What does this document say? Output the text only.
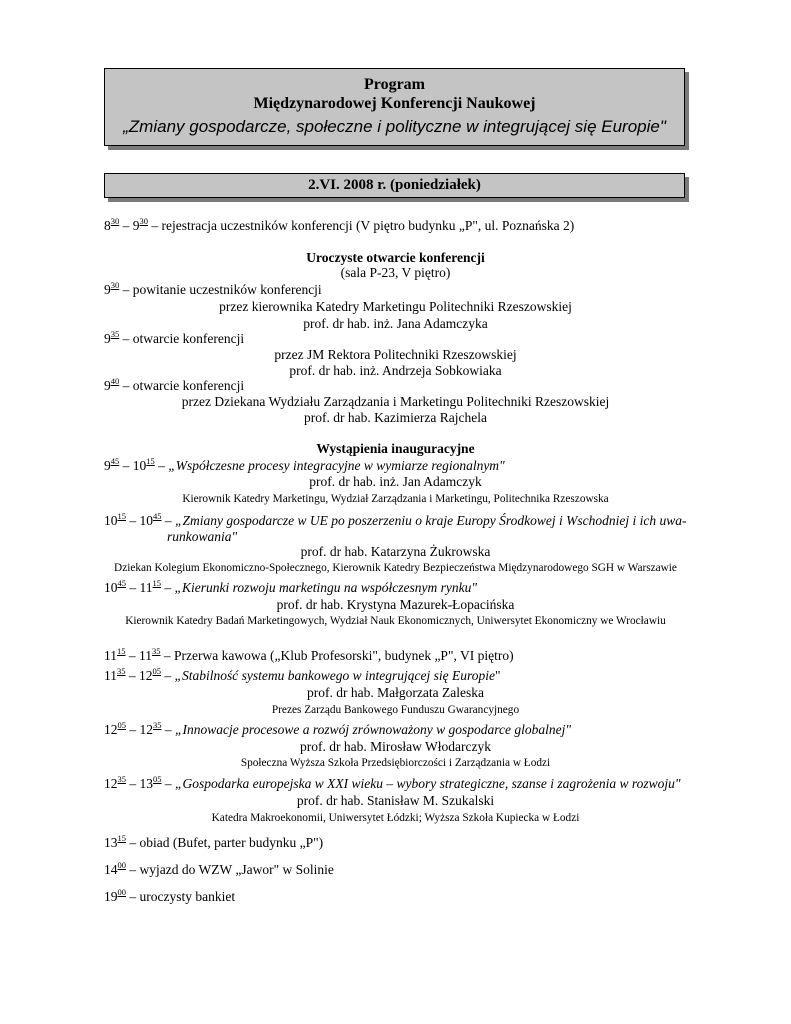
Program
Międzynarodowej Konferencji Naukowej
„Zmiany gospodarcze, społeczne i polityczne w integrującej się Europie"
2.VI. 2008 r. (poniedziałek)
$8^{30} - 9^{30}$ – rejestracja uczestników konferencji (V piętro budynku „P", ul. Poznańska 2)
Uroczyste otwarcie konferencji
(sala P-23, V piętro)
$9^{30}$ – powitanie uczestników konferencji
przez kierownika Katedry Marketingu Politechniki Rzeszowskiej
prof. dr hab. inż. Jana Adamczyka
$9^{35}$ – otwarcie konferencji
przez JM Rektora Politechniki Rzeszowskiej
prof. dr hab. inż. Andrzeja Sobkowiaka
$9^{40}$ – otwarcie konferencji
przez Dziekana Wydziału Zarządzania i Marketingu Politechniki Rzeszowskiej
prof. dr hab. Kazimierza Rajchela
Wystąpienia inauguracyjne
$9^{45} - 10^{15}$ – „Współczesne procesy integracyjne w wymiarze regionalnym"
prof. dr hab. inż. Jan Adamczyk
Kierownik Katedry Marketingu, Wydział Zarządzania i Marketingu, Politechnika Rzeszowska
$10^{15} - 10^{45}$ – „Zmiany gospodarcze w UE po poszerzeniu o kraje Europy Środkowej i Wschodniej i ich uwa-
runkowania"
prof. dr hab. Katarzyna Żukrowska
Dziekan Kolegium Ekonomiczno-Społecznego, Kierownik Katedry Bezpieczeństwa Międzynarodowego SGH w Warszawie
$10^{45} - 11^{15}$ – „Kierunki rozwoju marketingu na współczesnym rynku"
prof. dr hab. Krystyna Mazurek-Łopacińska
Kierownik Katedry Badań Marketingowych, Wydział Nauk Ekonomicznych, Uniwersytet Ekonomiczny we Wrocławiu
$11^{15} - 11^{35}$ – Przerwa kawowa („Klub Profesorski", budynek „P", VI piętro)
$11^{35} - 12^{05}$ – „Stabilność systemu bankowego w integrującej się Europie"
prof. dr hab. Małgorzata Zaleska
Prezes Zarządu Bankowego Funduszu Gwarancyjnego
$12^{05} - 12^{35}$ – „Innowacje procesowe a rozwój zrównoważony w gospodarce globalnej"
prof. dr hab. Mirosław Włodarczyk
Społeczna Wyższa Szkoła Przedsiębiorczości i Zarządzania w Łodzi
$12^{35} - 13^{05}$ – „Gospodarka europejska w XXI wieku – wybory strategiczne, szanse i zagrożenia w rozwoju"
prof. dr hab. Stanisław M. Szukalski
Katedra Makroekonomii, Uniwersytet Łódzki; Wyższa Szkoła Kupiecka w Łodzi
$13^{15}$ – obiad (Bufet, parter budynku „P")
$14^{00}$ – wyjazd do WZW „Jawor" w Solinie
$19^{00}$ – uroczysty bankiet
